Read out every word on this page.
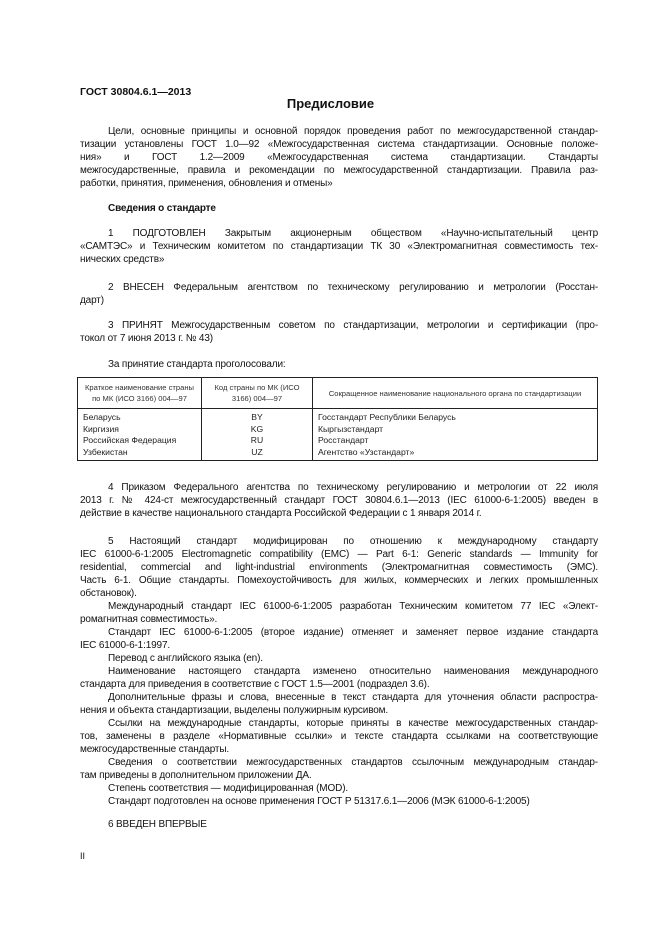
ГОСТ 30804.6.1—2013
Предисловие
Цели, основные принципы и основной порядок проведения работ по межгосударственной стандар-
тизации установлены ГОСТ 1.0—92 «Межгосударственная система стандартизации. Основные положе-
ния» и ГОСТ 1.2—2009 «Межгосударственная система стандартизации. Стандарты
межгосударственные, правила и рекомендации по межгосударственной стандартизации. Правила раз-
работки, принятия, применения, обновления и отмены»
Сведения о стандарте
1 ПОДГОТОВЛЕН Закрытым акционерным обществом «Научно-испытательный центр
«САМТЭС» и Техническим комитетом по стандартизации ТК 30 «Электромагнитная совместимость тех-
нических средств»
2 ВНЕСЕН Федеральным агентством по техническому регулированию и метрологии (Росстан-
дарт)
3 ПРИНЯТ Межгосударственным советом по стандартизации, метрологии и сертификации (про-
токол от 7 июня 2013 г. № 43)
За принятие стандарта проголосовали:
Краткое наименование страны по МК (ИСО 3166) 004—97	Код страны по МК (ИСО 3166) 004—97	Сокращенное наименование национального органа по стандартизации
Беларусь	BY	Госстандарт Республики Беларусь
Киргизия	KG	Кыргызстандарт
Российская Федерация	RU	Росстандарт
Узбекистан	UZ	Агентство «Узстандарт»
4 Приказом Федерального агентства по техническому регулированию и метрологии от 22 июля
2013 г. № 424-ст межгосударственный стандарт ГОСТ 30804.6.1—2013 (IEC 61000-6-1:2005) введен в
действие в качестве национального стандарта Российской Федерации с 1 января 2014 г.
5 Настоящий стандарт модифицирован по отношению к международному стандарту
IEC 61000-6-1:2005 Electromagnetic compatibility (EMC) — Part 6-1: Generic standards — Immunity for
residential, commercial and light-industrial environments (Электромагнитная совместимость (ЭМС).
Часть 6-1. Общие стандарты. Помехоустойчивость для жилых, коммерческих и легких промышленных
обстановок).
Международный стандарт IEC 61000-6-1:2005 разработан Техническим комитетом 77 IEC «Элект-
ромагнитная совместимость».
Стандарт IEC 61000-6-1:2005 (второе издание) отменяет и заменяет первое издание стандарта
IEC 61000-6-1:1997.
Перевод с английского языка (en).
Наименование настоящего стандарта изменено относительно наименования международного
стандарта для приведения в соответствие с ГОСТ 1.5—2001 (подраздел 3.6).
Дополнительные фразы и слова, внесенные в текст стандарта для уточнения области распростра-
нения и объекта стандартизации, выделены полужирным курсивом.
Ссылки на международные стандарты, которые приняты в качестве межгосударственных стандар-
тов, заменены в разделе «Нормативные ссылки» и тексте стандарта ссылками на соответствующие
межгосударственные стандарты.
Сведения о соответствии межгосударственных стандартов ссылочным международным стандар-
там приведены в дополнительном приложении ДА.
Степень соответствия — модифицированная (MOD).
Стандарт подготовлен на основе применения ГОСТ Р 51317.6.1—2006 (МЭК 61000-6-1:2005)
6 ВВЕДЕН ВПЕРВЫЕ
II
